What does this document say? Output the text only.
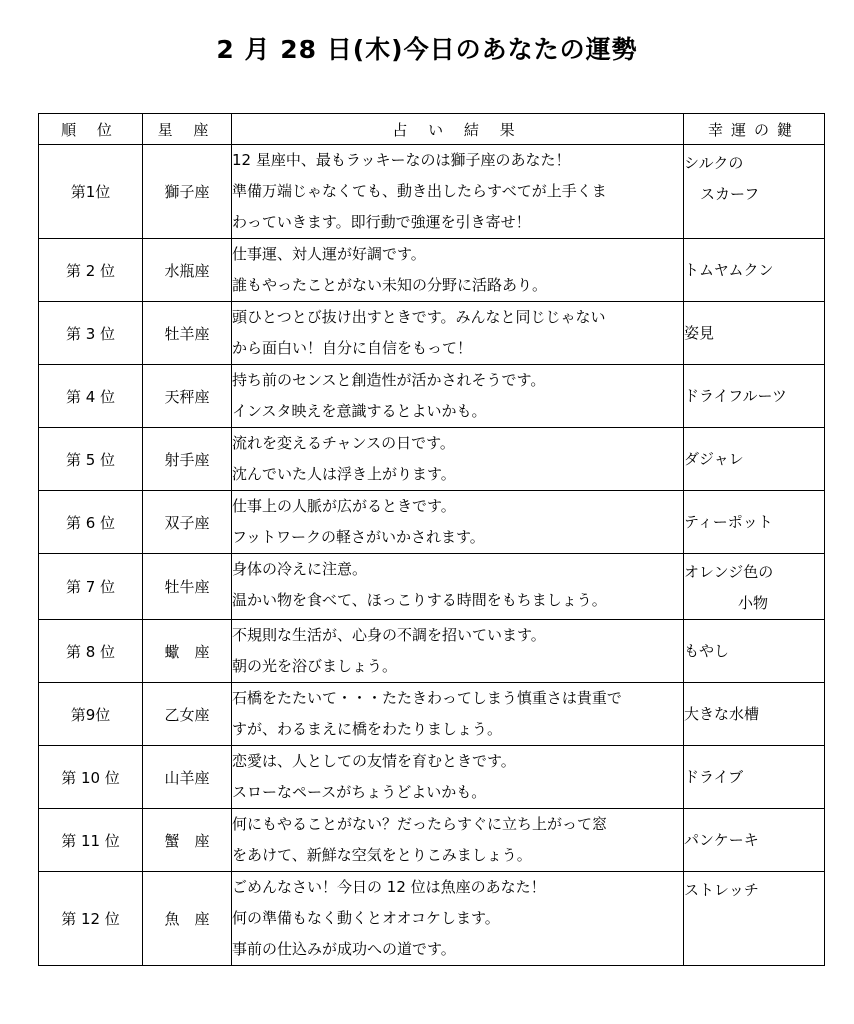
2 月 28 日(木)今日のあなたの運勢
順 位	星 座	占 い 結 果	幸運の鍵
第1位	獅子座	12 星座中、最もラッキーなのは獅子座のあなた！
準備万端じゃなくても、動き出したらすべてが上手くま
わっていきます。即行動で強運を引き寄せ！	シルクの
スカーフ

第 2 位	水瓶座	仕事運、対人運が好調です。
誰もやったことがない未知の分野に活路あり。	トムヤムクン

第 3 位	牡羊座	頭ひとつとび抜け出すときです。みんなと同じじゃない
から面白い！自分に自信をもって！	姿見

第 4 位	天秤座	持ち前のセンスと創造性が活かされそうです。
インスタ映えを意識するとよいかも。	ドライフルーツ

第 5 位	射手座	流れを変えるチャンスの日です。
沈んでいた人は浮き上がります。	ダジャレ

第 6 位	双子座	仕事上の人脈が広がるときです。
フットワークの軽さがいかされます。	ティーポット

第 7 位	牡牛座	身体の冷えに注意。
温かい物を食べて、ほっこりする時間をもちましょう。	オレンジ色の
小物

第 8 位	蠍　座	不規則な生活が、心身の不調を招いています。
朝の光を浴びましょう。	もやし

第9位	乙女座	石橋をたたいて・・・たたきわってしまう慎重さは貴重で
すが、わるまえに橋をわたりましょう。	大きな水槽

第 10 位	山羊座	恋愛は、人としての友情を育むときです。
スローなペースがちょうどよいかも。	ドライブ

第 11 位	蟹　座	何にもやることがない？だったらすぐに立ち上がって窓
をあけて、新鮮な空気をとりこみましょう。	パンケーキ

第 12 位	魚　座	ごめんなさい！今日の 12 位は魚座のあなた！
何の準備もなく動くとオオコケします。
事前の仕込みが成功への道です。	ストレッチ
